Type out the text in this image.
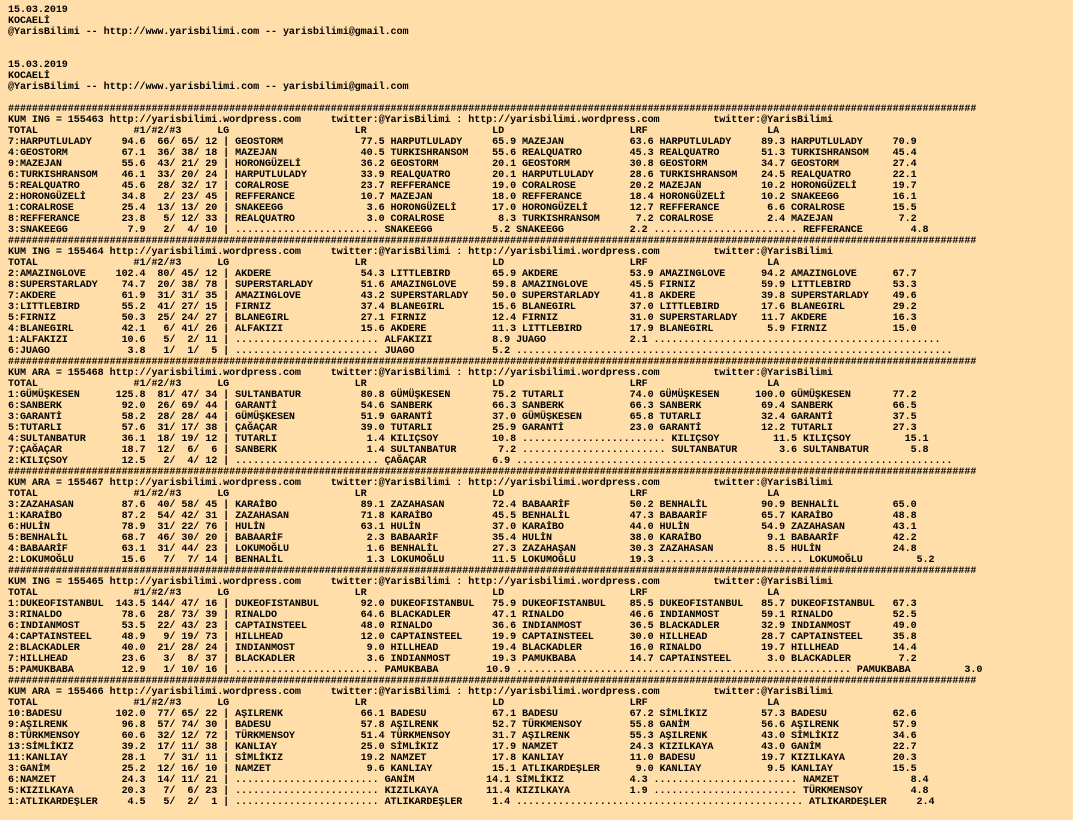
15.03.2019
KOCAELİ
@YarisBilimi -- http://www.yarisbilimi.com -- yarisbilimi@gmail.com
15.03.2019
KOCAELİ
@YarisBilimi -- http://www.yarisbilimi.com -- yarisbilimi@gmail.com
##################################################################################################################################################################
KUM ING = 155463 http://yarisbilimi.wordpress.com     twitter:@YarisBilimi : http://yarisbilimi.wordpress.com         twitter:@YarisBilimi
TOTAL                #1/#2/#3      LG                     LR                     LD                     LRF                    LA
7:HARPUTLULADY     94.6  66/ 65/ 12 | GEOSTORM             77.5 HARPUTLULADY     65.9 MAZEJAN           63.6 HARPUTLULADY     89.3 HARPUTLULADY     70.9
4:GEOSTORM         67.1  36/ 38/ 18 | MAZEJAN              40.5 TURKISHRANSOM    55.6 REALQUATRO        45.3 REALQUATRO       51.3 TURKISHRANSOM    45.4
9:MAZEJAN          55.6  43/ 21/ 29 | HORONGÜZELİ          36.2 GEOSTORM         20.1 GEOSTORM          30.8 GEOSTORM         34.7 GEOSTORM         27.4
6:TURKISHRANSOM    46.1  33/ 20/ 24 | HARPUTLULADY         33.9 REALQUATRO       20.1 HARPUTLULADY      28.6 TURKISHRANSOM    24.5 REALQUATRO       22.1
5:REALQUATRO       45.6  28/ 32/ 17 | CORALROSE            23.7 REFFERANCE       19.0 CORALROSE         20.2 MAZEJAN          10.2 HORONGÜZELİ      19.7
2:HORONGÜZELİ      34.8   2/ 23/ 45 | REFFERANCE           10.7 MAZEJAN          18.0 REFFERANCE        18.4 HORONGÜZELİ      10.2 SNAKEEGG         16.1
1:CORALROSE        25.4  13/ 13/ 20 | SNAKEEGG              3.6 HORONGÜZELİ      17.0 HORONGÜZELİ       12.7 REFFERANCE        6.6 CORALROSE        15.5
8:REFFERANCE       23.8   5/ 12/ 33 | REALQUATRO            3.0 CORALROSE         8.3 TURKISHRANSOM      7.2 CORALROSE         2.4 MAZEJAN           7.2
3:SNAKEEGG          7.9   2/  4/ 10 | ........................ SNAKEEGG          5.2 SNAKEEGG           2.2 ........................ REFFERANCE        4.8
##################################################################################################################################################################
KUM ING = 155464 http://yarisbilimi.wordpress.com     twitter:@YarisBilimi : http://yarisbilimi.wordpress.com         twitter:@YarisBilimi
TOTAL                #1/#2/#3      LG                     LR                     LD                     LRF                    LA
2:AMAZINGLOVE     102.4  80/ 45/ 12 | AKDERE               54.3 LITTLEBIRD       65.9 AKDERE            53.9 AMAZINGLOVE      94.2 AMAZINGLOVE      67.7
8:SUPERSTARLADY    74.7  20/ 38/ 78 | SUPERSTARLADY        51.6 AMAZINGLOVE      59.8 AMAZINGLOVE       45.5 FIRNIZ           59.9 LITTLEBIRD       53.3
7:AKDERE           61.9  31/ 31/ 35 | AMAZINGLOVE          43.2 SUPERSTARLADY    50.0 SUPERSTARLADY     41.8 AKDERE           39.8 SUPERSTARLADY    49.6
3:LITTLEBIRD       55.2  41/ 27/ 15 | FIRNIZ               37.4 BLANEGIRL        15.6 BLANEGIRL         37.0 LITTLEBIRD       17.6 BLANEGIRL        29.2
5:FIRNIZ           50.3  25/ 24/ 27 | BLANEGIRL            27.1 FIRNIZ           12.4 FIRNIZ            31.0 SUPERSTARLADY    11.7 AKDERE           16.3
4:BLANEGIRL        42.1   6/ 41/ 26 | ALFAKIZI             15.6 AKDERE           11.3 LITTLEBIRD        17.9 BLANEGIRL         5.9 FIRNIZ           15.0
1:ALFAKIZI         10.6   5/  2/ 11 | ........................ ALFAKIZI          8.9 JUAGO              2.1 ................................................
6:JUAGO             3.8   1/  1/  5 | ........................ JUAGO             5.2 .........................................................................
##################################################################################################################################################################
KUM ARA = 155468 http://yarisbilimi.wordpress.com     twitter:@YarisBilimi : http://yarisbilimi.wordpress.com         twitter:@YarisBilimi
TOTAL                #1/#2/#3      LG                     LR                     LD                     LRF                    LA
1:GÜMÜŞKESEN      125.8  81/ 47/ 34 | SULTANBATUR          80.8 GÜMÜŞKESEN       75.2 TUTARLI           74.0 GÜMÜŞKESEN      100.0 GÜMÜŞKESEN       77.2
6:SANBERK          92.0  26/ 69/ 44 | GARANTİ              54.6 SANBERK          66.3 SANBERK           66.3 SANBERK          69.4 SANBERK          66.5
3:GARANTİ          58.2  28/ 28/ 44 | GÜMÜŞKESEN           51.9 GARANTİ          37.0 GÜMÜŞKESEN        65.8 TUTARLI          32.4 GARANTİ          37.5
5:TUTARLI          57.6  31/ 17/ 38 | ÇAĞAÇAR              39.0 TUTARLI          25.9 GARANTİ           23.0 GARANTİ          12.2 TUTARLI          27.3
4:SULTANBATUR      36.1  18/ 19/ 12 | TUTARLI               1.4 KILIÇSOY         10.8 ........................ KILIÇSOY         11.5 KILIÇSOY         15.1
7:ÇAĞAÇAR          18.7  12/  6/  6 | SANBERK               1.4 SULTANBATUR       7.2 ........................ SULTANBATUR       3.6 SULTANBATUR       5.8
2:KILIÇSOY         12.5   2/  4/ 12 | ........................ ÇAĞAÇAR           6.9 .........................................................................
##################################################################################################################################################################
KUM ARA = 155467 http://yarisbilimi.wordpress.com     twitter:@YarisBilimi : http://yarisbilimi.wordpress.com         twitter:@YarisBilimi
TOTAL                #1/#2/#3      LG                     LR                     LD                     LRF                    LA
3:ZAZAHASAN        87.6  40/ 58/ 45 | KARAİBO              89.1 ZAZAHASAN        72.4 BABAARİF          50.2 BENHALİL         90.9 BENHALİL         65.0
1:KARAİBO          87.2  54/ 42/ 31 | ZAZAHASAN            71.8 KARAİBO          45.5 BENHALİL          47.3 BABAARİF         65.7 KARAİBO          48.8
6:HULİN            78.9  31/ 22/ 76 | HULİN                63.1 HULİN            37.0 KARAİBO           44.0 HULİN            54.9 ZAZAHASAN        43.1
5:BENHALİL         68.7  46/ 30/ 20 | BABAARİF              2.3 BABAARİF         35.4 HULİN             38.0 KARAİBO           9.1 BABAARİF         42.2
4:BABAARİF         63.1  31/ 44/ 23 | LOKUMOĞLU             1.6 BENHALİL         27.3 ZAZAHAŞAN         30.3 ZAZAHASAN         8.5 HULİN            24.8
2:LOKUMOĞLU        15.6   7/  7/ 14 | BENHALİL              1.3 LOKUMOĞLU        11.5 LOKUMOĞLU         19.3 ........................ LOKUMOĞLU         5.2
##################################################################################################################################################################
KUM ING = 155465 http://yarisbilimi.wordpress.com     twitter:@YarisBilimi : http://yarisbilimi.wordpress.com         twitter:@YarisBilimi
TOTAL                #1/#2/#3      LG                     LR                     LD                     LRF                    LA
1:DUKEOFISTANBUL  143.5 144/ 47/ 16 | DUKEOFISTANBUL       92.0 DUKEOFISTANBUL   75.9 DUKEOFISTANBUL    85.5 DUKEOFISTANBUL   85.7 DUKEOFISTANBUL   67.3
3:RINALDO          78.6  28/ 73/ 39 | RINALDO              64.6 BLACKADLER       47.1 RINALDO           46.6 INDIANMOST       59.1 RINALDO          52.5
6:INDIANMOST       53.5  22/ 43/ 23 | CAPTAINSTEEL         48.0 RINALDO          36.6 INDIANMOST        36.5 BLACKADLER       32.9 INDIANMOST       49.0
4:CAPTAINSTEEL     48.9   9/ 19/ 73 | HILLHEAD             12.0 CAPTAINSTEEL     19.9 CAPTAINSTEEL      30.0 HILLHEAD         28.7 CAPTAINSTEEL     35.8
2:BLACKADLER       40.0  21/ 28/ 24 | INDIANMOST            9.0 HILLHEAD         19.4 BLACKADLER        16.0 RINALDO          19.7 HILLHEAD         14.4
7:HILLHEAD         23.6   3/  8/ 37 | BLACKADLER            3.6 INDIANMOST       19.3 PAMUKBABA         14.7 CAPTAINSTEEL      3.0 BLACKADLER        7.2
5:PAMUKBABA        12.9   1/ 10/ 16 | ........................ PAMUKBABA        10.9 ........................................................ PAMUKBABA         3.0
##################################################################################################################################################################
KUM ARA = 155466 http://yarisbilimi.wordpress.com     twitter:@YarisBilimi : http://yarisbilimi.wordpress.com         twitter:@YarisBilimi
TOTAL                #1/#2/#3      LG                     LR                     LD                     LRF                    LA
10:BADESU         102.0  77/ 65/ 22 | AŞILRENK             66.1 BADESU           67.1 BADESU            67.2 SİMLİKIZ         57.3 BADESU           62.6
9:AŞILRENK         96.8  57/ 74/ 30 | BADESU               57.8 AŞILRENK         52.7 TÜRKMENSOY        55.8 GANİM            56.6 AŞILRENK         57.9
8:TÜRKMENSOY       60.6  32/ 12/ 72 | TÜRKMENSOY           51.4 TÜRKMENSOY       31.7 AŞILRENK          55.3 AŞILRENK         43.0 SİMLİKIZ         34.6
13:SİMLİKIZ        39.2  17/ 11/ 38 | KANLIAY              25.0 SİMLİKIZ         17.9 NAMZET            24.3 KIZILKAYA        43.0 GANİM            22.7
11:KANLIAY         28.1   7/ 31/ 11 | SİMLİKIZ             19.2 NAMZET           17.8 KANLIAY           11.0 BADESU           19.7 KIZILKAYA        20.3
3:GANİM            25.2  12/ 16/ 10 | NAMZET                9.6 KANLIAY          15.1 ATLIKARDEŞLER      9.0 KANLIAY           9.5 KANLIAY          15.5
6:NAMZET           24.3  14/ 11/ 21 | ........................ GANİM            14.1 SİMLİKIZ           4.3 ........................ NAMZET            8.4
5:KIZILKAYA        20.3   7/  6/ 23 | ........................ KIZILKAYA        11.4 KIZILKAYA          1.9 ........................ TÜRKMENSOY        4.8
1:ATLIKARDEŞLER     4.5   5/  2/  1 | ........................ ATLIKARDEŞLER     1.4 ................................................ ATLIKARDEŞLER     2.4
